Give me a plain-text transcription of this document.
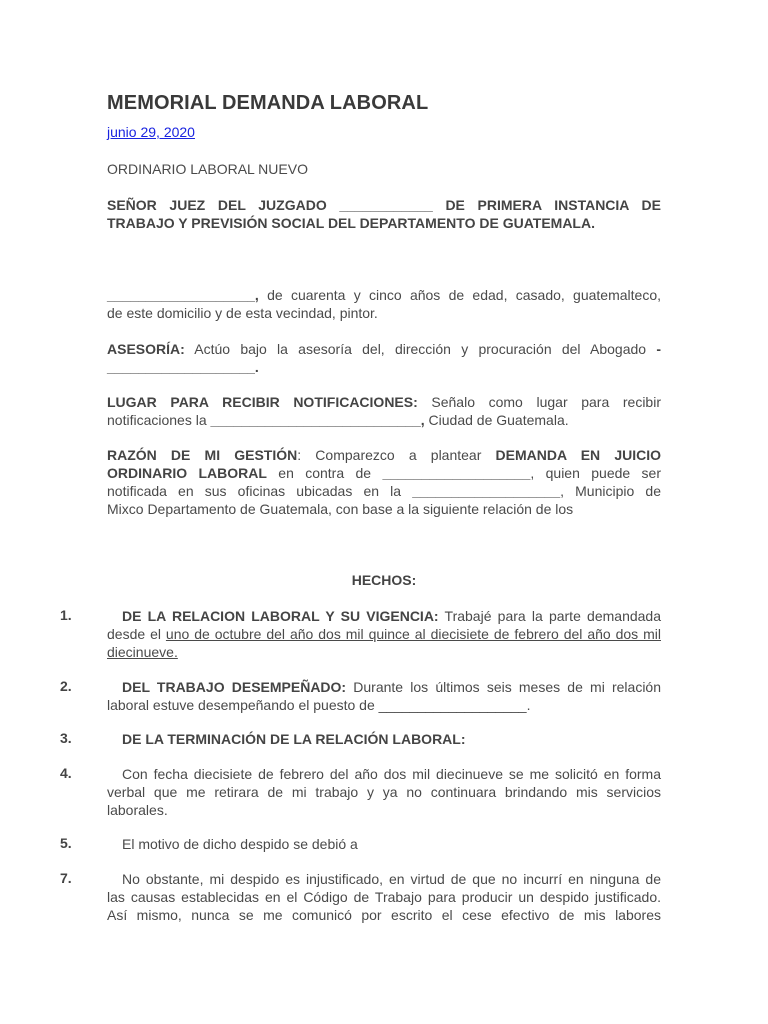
MEMORIAL DEMANDA LABORAL
junio 29, 2020
ORDINARIO LABORAL NUEVO
SEÑOR JUEZ DEL JUZGADO ____________ DE PRIMERA INSTANCIA DE
TRABAJO Y PREVISIÓN SOCIAL DEL DEPARTAMENTO DE GUATEMALA.
___________________, de cuarenta y cinco años de edad, casado, guatemalteco,
de este domicilio y de esta vecindad, pintor.
ASESORÍA: Actúo bajo la asesoría del, dirección y procuración del Abogado -
___________________.
LUGAR PARA RECIBIR NOTIFICACIONES: Señalo como lugar para recibir
notificaciones la ___________________________, Ciudad de Guatemala.
RAZÓN DE MI GESTIÓN: Comparezco a plantear DEMANDA EN JUICIO
ORDINARIO LABORAL en contra de ___________________, quien puede ser
notificada en sus oficinas ubicadas en la ___________________, Municipio de
Mixco Departamento de Guatemala, con base a la siguiente relación de los
HECHOS:
1.	DE LA RELACION LABORAL Y SU VIGENCIA: Trabajé para la parte demandada
desde el uno de octubre del año dos mil quince al diecisiete de febrero del año dos mil
diecinueve.
2.	DEL TRABAJO DESEMPEÑADO: Durante los últimos seis meses de mi relación
laboral estuve desempeñando el puesto de ___________________.
3.	DE LA TERMINACIÓN DE LA RELACIÓN LABORAL:
4.	Con fecha diecisiete de febrero del año dos mil diecinueve se me solicitó en forma
verbal que me retirara de mi trabajo y ya no continuara brindando mis servicios
laborales.
5.	El motivo de dicho despido se debió a
7.	No obstante, mi despido es injustificado, en virtud de que no incurrí en ninguna de
las causas establecidas en el Código de Trabajo para producir un despido justificado.
Así mismo, nunca se me comunicó por escrito el cese efectivo de mis labores
